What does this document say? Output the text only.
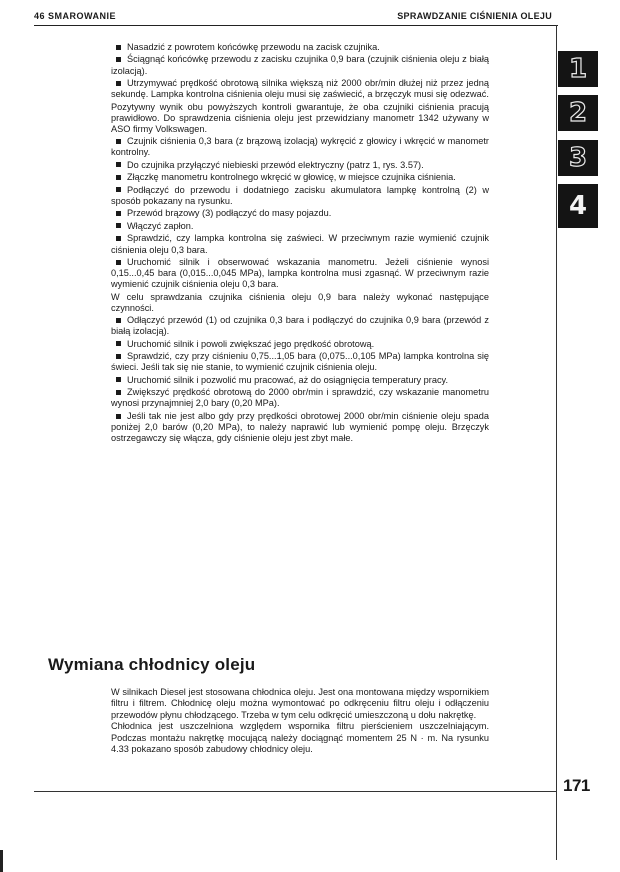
46 SMAROWANIE	SPRAWDZANIE CIŚNIENIA OLEJU
1
2
3
4

Nasadzić z powrotem końcówkę przewodu na zacisk czujnika.

Ściągnąć końcówkę przewodu z zacisku czujnika 0,9 bara (czujnik ciśnienia oleju z białą izolacją).

Utrzymywać prędkość obrotową silnika większą niż 2000 obr/min dłużej niż przez jedną sekundę. Lampka kontrolna ciśnienia oleju musi się zaświecić, a brzęczyk musi się odezwać.

Pozytywny wynik obu powyższych kontroli gwarantuje, że oba czujniki ciśnienia pracują prawidłowo. Do sprawdzenia ciśnienia oleju jest przewidziany manometr 1342 używany w ASO firmy Volkswagen.

Czujnik ciśnienia 0,3 bara (z brązową izolacją) wykręcić z głowicy i wkręcić w manometr kontrolny.

Do czujnika przyłączyć niebieski przewód elektryczny (patrz 1, rys. 3.57).

Złączkę manometru kontrolnego wkręcić w głowicę, w miejsce czujnika ciśnienia.

Podłączyć do przewodu i dodatniego zacisku akumulatora lampkę kontrolną (2) w sposób pokazany na rysunku.

Przewód brązowy (3) podłączyć do masy pojazdu.

Włączyć zapłon.

Sprawdzić, czy lampka kontrolna się zaświeci. W przeciwnym razie wymienić czujnik ciśnienia oleju 0,3 bara.

Uruchomić silnik i obserwować wskazania manometru. Jeżeli ciśnienie wynosi 0,15...0,45 bara (0,015...0,045 MPa), lampka kontrolna musi zgasnąć. W przeciwnym razie wymienić czujnik ciśnienia oleju 0,3 bara.

W celu sprawdzania czujnika ciśnienia oleju 0,9 bara należy wykonać następujące czynności.

Odłączyć przewód (1) od czujnika 0,3 bara i podłączyć do czujnika 0,9 bara (przewód z białą izolacją).

Uruchomić silnik i powoli zwiększać jego prędkość obrotową.

Sprawdzić, czy przy ciśnieniu 0,75...1,05 bara (0,075...0,105 MPa) lampka kontrolna się świeci. Jeśli tak się nie stanie, to wymienić czujnik ciśnienia oleju.

Uruchomić silnik i pozwolić mu pracować, aż do osiągnięcia temperatury pracy.

Zwiększyć prędkość obrotową do 2000 obr/min i sprawdzić, czy wskazanie manometru wynosi przynajmniej 2,0 bary (0,20 MPa).

Jeśli tak nie jest albo gdy przy prędkości obrotowej 2000 obr/min ciśnienie oleju spada poniżej 2,0 barów (0,20 MPa), to należy naprawić lub wymienić pompę oleju. Brzęczyk ostrzegawczy się włącza, gdy ciśnienie oleju jest zbyt małe.

Wymiana chłodnicy oleju

W silnikach Diesel jest stosowana chłodnica oleju. Jest ona montowana między wspornikiem filtru i filtrem. Chłodnicę oleju można wymontować po odkręceniu filtru oleju i odłączeniu przewodów płynu chłodzącego. Trzeba w tym celu odkręcić umieszczoną u dołu nakrętkę.

Chłodnica jest uszczelniona względem wspornika filtru pierścieniem uszczelniającym. Podczas montażu nakrętkę mocującą należy dociągnąć momentem 25 N · m. Na rysunku 4.33 pokazano sposób zabudowy chłodnicy oleju.

171
